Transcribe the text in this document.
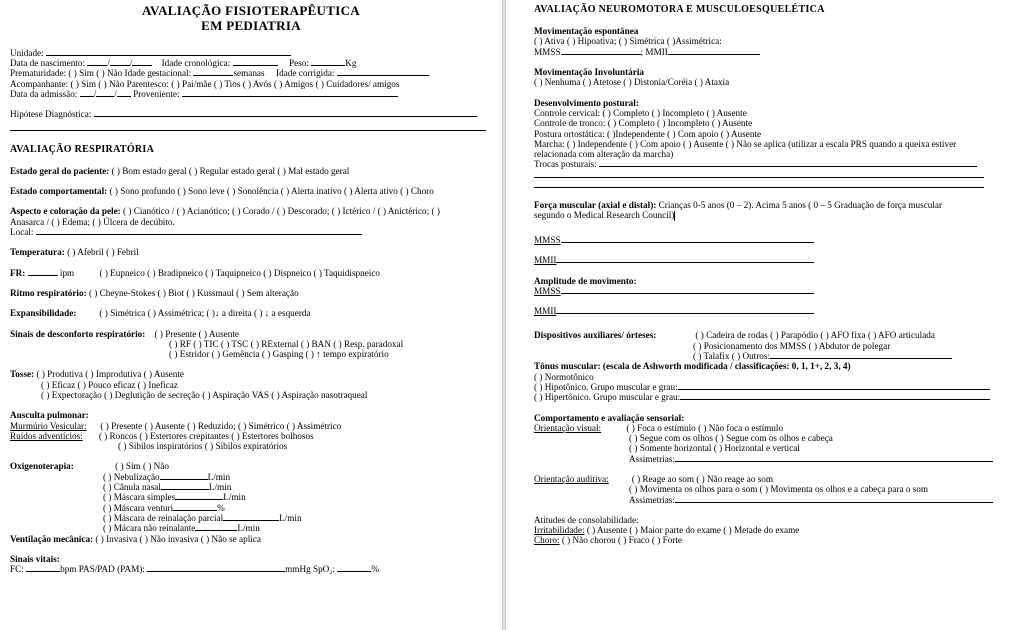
AVALIAÇÃO FISIOTERAPÊUTICA
EM PEDIATRIA
Unidade:
Data de nascimento: / /	Idade cronológica:	Peso:	Kg
Prematuridade: ( ) Sim ( ) Não Idade gestacional:	semanas Idade corrigida:
Acompanhante: ( ) Sim ( ) Não Parentesco: ( ) Pai/mãe ( ) Tios ( ) Avós ( ) Amigos ( ) Cuidadores/ amigos
Data da admissão: / / Proveniente:
Hipótese Diagnóstica:
AVALIAÇÃO RESPIRATÓRIA
Estado geral do paciente: ( ) Bom estado geral ( ) Regular estado geral ( ) Mal estado geral
Estado comportamental: ( ) Sono profundo ( ) Sono leve ( ) Sonolência ( ) Alerta inativo ( ) Alerta ativo ( ) Choro
Aspecto e coloração da pele: ( ) Cianótico / ( ) Acianótico; ( ) Corado / ( ) Descorado; ( ) Ictérico / ( ) Anictérico; ( )
Anasarca / ( ) Edema; ( ) Úlcera de decúbito.
Local:
Temperatura: ( ) Afebril ( ) Febril
FR:	ipm	( ) Eupneico ( ) Bradipneico ( ) Taquipneico ( ) Dispneico ( ) Taquidispneico
Ritmo respiratório: ( ) Cheyne-Stokes ( ) Biot ( ) Kussmaul ( ) Sem alteração
Expansibilidade: ( ) Simétrica ( ) Assimétrica; ( )↓ a direita ( ) ↓ a esquerda
Sinais de desconforto respiratório: ( ) Presente ( ) Ausente
( ) RF ( ) TIC ( ) TSC ( ) RExternal ( ) BAN ( ) Resp. paradoxal
( ) Estridor ( ) Gemência ( ) Gasping ( ) ↑ tempo expiratório
Tosse: ( ) Produtiva ( ) Improdutiva ( ) Ausente
( ) Eficaz ( ) Pouco eficaz ( ) Ineficaz
( ) Expectoração ( ) Deglutição de secreção ( ) Aspiração VAS ( ) Aspiração nasotraqueal
Ausculta pulmonar:
Murmúrio Vesicular: ( ) Presente ( ) Ausente ( ) Reduzido; ( ) Simétrico ( ) Assimétrico
Ruídos adventícios: ( ) Roncos ( ) Estertores crepitantes ( ) Estertores bolhosos
( ) Sibilos inspiratórios ( ) Sibilos expiratórios
Oxigenoterapia:	( ) Sim ( ) Não
( ) Nebulização	L/min
( ) Cânula nasal	L/min
( ) Máscara simples	L/min
( ) Máscara venturi	%
( ) Máscara de reinalação parcial	L/min
( ) Mácara não reinalante	L/min
Ventilação mecânica: ( ) Invasiva ( ) Não invasiva ( ) Não se aplica
Sinais vitais:
FC:	bpm PAS/PAD (PAM):	mmHg SpO₂:	%
AVALIAÇÃO NEUROMOTORA E MUSCULOESQUELÉTICA
Movimentação espontânea
( ) Ativa ( ) Hipoativa; ( ) Simétrica ( )Assimétrica:
MMSS	; MMII
Movimentação Involuntária
( ) Nenhuma ( ) Atetose ( ) Distonia/Coréia ( ) Ataxia
Desenvolvimento postural:
Controle cervical: ( ) Completo ( ) Incompleto ( ) Ausente
Controle de tronco: ( ) Completo ( ) Incompleto ( ) Ausente
Postura ortostática: ( )Independente ( ) Com apoio ( ) Ausente
Marcha: ( ) Independente ( ) Com apoio ( ) Ausente ( ) Não se aplica (utilizar a escala PRS quando a queixa estiver
relacionada com alteração da marcha)
Trocas posturais:
Força muscular (axial e distal): Crianças 0-5 anos (0 – 2). Acima 5 anos ( 0 – 5 Graduação de força muscular
segundo o Medical Research Council)
MMSS
MMII
Amplitude de movimento:
MMSS
MMII
Dispositivos auxiliares/ órteses:	( ) Cadeira de rodas ( ) Parapódio ( ) AFO fixa ( ) AFO articulada
( ) Posicionamento dos MMSS ( ) Abdutor de polegar
( ) Talafix ( ) Outros:
Tônus muscular: (escala de Ashworth modificada / classificações: 0, 1, 1+, 2, 3, 4)
( ) Normotônico
( ) Hipotônico. Grupo muscular e grau:
( ) Hipertônico. Grupo muscular e grau:
Comportamento e avaliação sensorial:
Orientação visual:	( ) Foca o estímulo ( ) Não foca o estímulo
( ) Segue com os olhos ( ) Segue com os olhos e cabeça
( ) Somente horizontal ( ) Horizontal e vertical
Assimetrias:
Orientação auditiva: ( ) Reage ao som ( ) Não reage ao som
( ) Movimenta os olhos para o som ( ) Movimenta os olhos e a cabeça para o som
Assimetrias:
Atitudes de consolabilidade:
Irritabilidade: ( ) Ausente ( ) Maior parte do exame ( ) Metade do exame
Choro: ( ) Não chorou ( ) Fraco ( ) Forte
